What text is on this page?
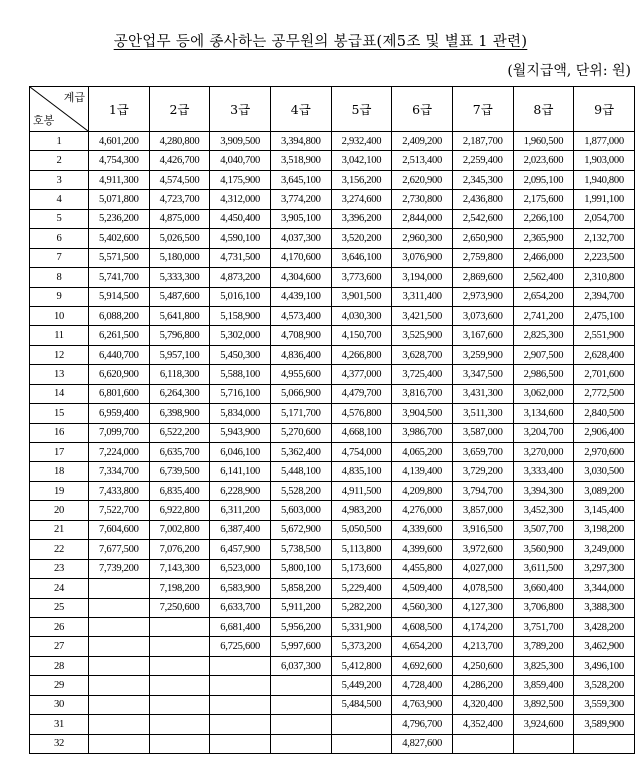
공안업무 등에 종사하는 공무원의 봉급표(제5조 및 별표 1 관련)
(월지급액, 단위: 원)
계급
호봉	1급	2급	3급	4급	5급	6급	7급	8급	9급
1	4,601,200	4,280,800	3,909,500	3,394,800	2,932,400	2,409,200	2,187,700	1,960,500	1,877,000
2	4,754,300	4,426,700	4,040,700	3,518,900	3,042,100	2,513,400	2,259,400	2,023,600	1,903,000
3	4,911,300	4,574,500	4,175,900	3,645,100	3,156,200	2,620,900	2,345,300	2,095,100	1,940,800
4	5,071,800	4,723,700	4,312,000	3,774,200	3,274,600	2,730,800	2,436,800	2,175,600	1,991,100
5	5,236,200	4,875,000	4,450,400	3,905,100	3,396,200	2,844,000	2,542,600	2,266,100	2,054,700
6	5,402,600	5,026,500	4,590,100	4,037,300	3,520,200	2,960,300	2,650,900	2,365,900	2,132,700
7	5,571,500	5,180,000	4,731,500	4,170,600	3,646,100	3,076,900	2,759,800	2,466,000	2,223,500
8	5,741,700	5,333,300	4,873,200	4,304,600	3,773,600	3,194,000	2,869,600	2,562,400	2,310,800
9	5,914,500	5,487,600	5,016,100	4,439,100	3,901,500	3,311,400	2,973,900	2,654,200	2,394,700
10	6,088,200	5,641,800	5,158,900	4,573,400	4,030,300	3,421,500	3,073,600	2,741,200	2,475,100
11	6,261,500	5,796,800	5,302,000	4,708,900	4,150,700	3,525,900	3,167,600	2,825,300	2,551,900
12	6,440,700	5,957,100	5,450,300	4,836,400	4,266,800	3,628,700	3,259,900	2,907,500	2,628,400
13	6,620,900	6,118,300	5,588,100	4,955,600	4,377,000	3,725,400	3,347,500	2,986,500	2,701,600
14	6,801,600	6,264,300	5,716,100	5,066,900	4,479,700	3,816,700	3,431,300	3,062,000	2,772,500
15	6,959,400	6,398,900	5,834,000	5,171,700	4,576,800	3,904,500	3,511,300	3,134,600	2,840,500
16	7,099,700	6,522,200	5,943,900	5,270,600	4,668,100	3,986,700	3,587,000	3,204,700	2,906,400
17	7,224,000	6,635,700	6,046,100	5,362,400	4,754,000	4,065,200	3,659,700	3,270,000	2,970,600
18	7,334,700	6,739,500	6,141,100	5,448,100	4,835,100	4,139,400	3,729,200	3,333,400	3,030,500
19	7,433,800	6,835,400	6,228,900	5,528,200	4,911,500	4,209,800	3,794,700	3,394,300	3,089,200
20	7,522,700	6,922,800	6,311,200	5,603,000	4,983,200	4,276,000	3,857,000	3,452,300	3,145,400
21	7,604,600	7,002,800	6,387,400	5,672,900	5,050,500	4,339,600	3,916,500	3,507,700	3,198,200
22	7,677,500	7,076,200	6,457,900	5,738,500	5,113,800	4,399,600	3,972,600	3,560,900	3,249,000
23	7,739,200	7,143,300	6,523,000	5,800,100	5,173,600	4,455,800	4,027,000	3,611,500	3,297,300
24		7,198,200	6,583,900	5,858,200	5,229,400	4,509,400	4,078,500	3,660,400	3,344,000
25		7,250,600	6,633,700	5,911,200	5,282,200	4,560,300	4,127,300	3,706,800	3,388,300
26			6,681,400	5,956,200	5,331,900	4,608,500	4,174,200	3,751,700	3,428,200
27			6,725,600	5,997,600	5,373,200	4,654,200	4,213,700	3,789,200	3,462,900
28				6,037,300	5,412,800	4,692,600	4,250,600	3,825,300	3,496,100
29					5,449,200	4,728,400	4,286,200	3,859,400	3,528,200
30					5,484,500	4,763,900	4,320,400	3,892,500	3,559,300
31						4,796,700	4,352,400	3,924,600	3,589,900
32						4,827,600			
